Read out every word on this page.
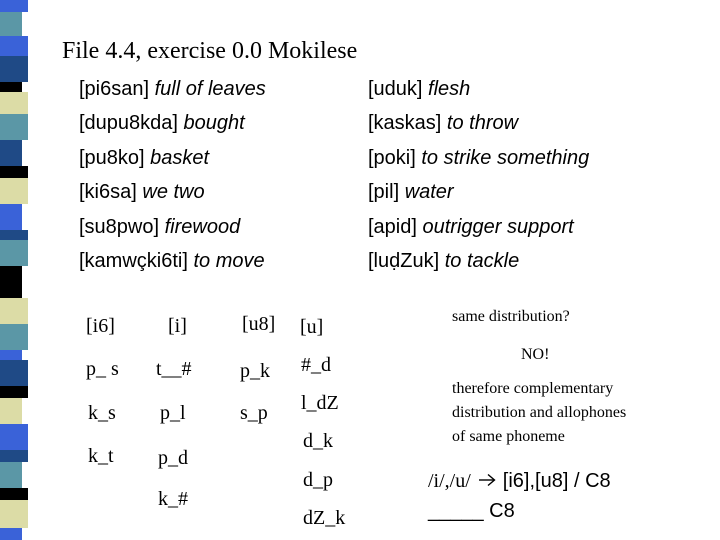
File 4.4, exercise 0.0 Mokilese
[pi6san] full of leaves
[dupu8kda] bought
[pu8ko] basket
[ki6sa] we two
[su8pwo] firewood
[kamwçki6ti] to move
[uduk] flesh
[kaskas] to throw
[poki] to strike something
[pil] water
[apid] outrigger support
[luḍZuk] to tackle
[i6]	[i]	[u8] [u]
p_ s
k_s
k_t
t__#
p_l
p_d
k_#
p_k
s_p
#_d
l_dZ
d_k
d_p
dZ_k
same distribution?
NO!
therefore complementary
distribution and allophones
of same phoneme
/i/,/u/ [i6],[u8] / C8
_____ C8
